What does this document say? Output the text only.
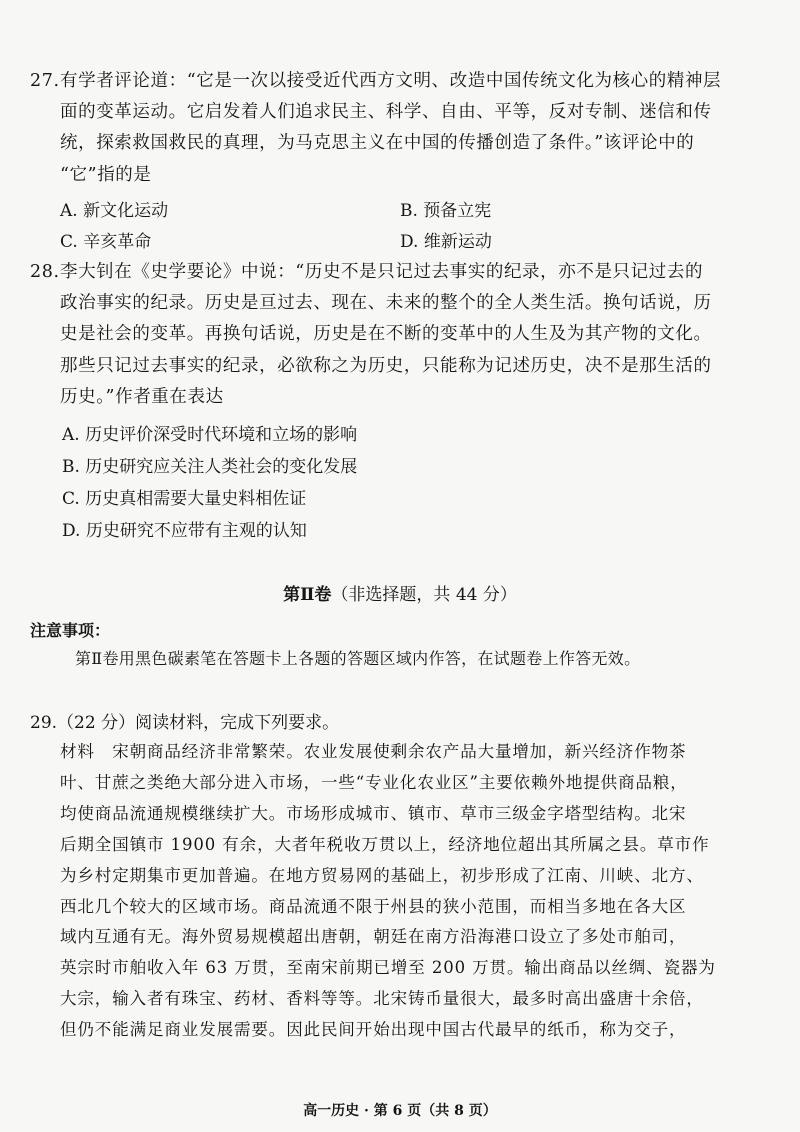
27.有学者评论道：“它是一次以接受近代西方文明、改造中国传统文化为核心的精神层
面的变革运动。它启发着人们追求民主、科学、自由、平等，反对专制、迷信和传
统，探索救国救民的真理，为马克思主义在中国的传播创造了条件。”该评论中的
“它”指的是
A. 新文化运动	B. 预备立宪
C. 辛亥革命	D. 维新运动
28.李大钊在《史学要论》中说：“历史不是只记过去事实的纪录，亦不是只记过去的
政治事实的纪录。历史是亘过去、现在、未来的整个的全人类生活。换句话说，历
史是社会的变革。再换句话说，历史是在不断的变革中的人生及为其产物的文化。
那些只记过去事实的纪录，必欲称之为历史，只能称为记述历史，决不是那生活的
历史。”作者重在表达
A. 历史评价深受时代环境和立场的影响
B. 历史研究应关注人类社会的变化发展
C. 历史真相需要大量史料相佐证
D. 历史研究不应带有主观的认知
第Ⅱ卷（非选择题，共 44 分）
注意事项：
第Ⅱ卷用黑色碳素笔在答题卡上各题的答题区域内作答，在试题卷上作答无效。
29.（22 分）阅读材料，完成下列要求。
材料　宋朝商品经济非常繁荣。农业发展使剩余农产品大量增加，新兴经济作物茶
叶、甘蔗之类绝大部分进入市场，一些“专业化农业区”主要依赖外地提供商品粮，
均使商品流通规模继续扩大。市场形成城市、镇市、草市三级金字塔型结构。北宋
后期全国镇市 1900 有余，大者年税收万贯以上，经济地位超出其所属之县。草市作
为乡村定期集市更加普遍。在地方贸易网的基础上，初步形成了江南、川峡、北方、
西北几个较大的区域市场。商品流通不限于州县的狭小范围，而相当多地在各大区
域内互通有无。海外贸易规模超出唐朝，朝廷在南方沿海港口设立了多处市舶司，
英宗时市舶收入年 63 万贯，至南宋前期已增至 200 万贯。输出商品以丝绸、瓷器为
大宗，输入者有珠宝、药材、香料等等。北宋铸币量很大，最多时高出盛唐十余倍，
但仍不能满足商业发展需要。因此民间开始出现中国古代最早的纸币，称为交子，
高一历史 · 第 6 页（共 8 页）
